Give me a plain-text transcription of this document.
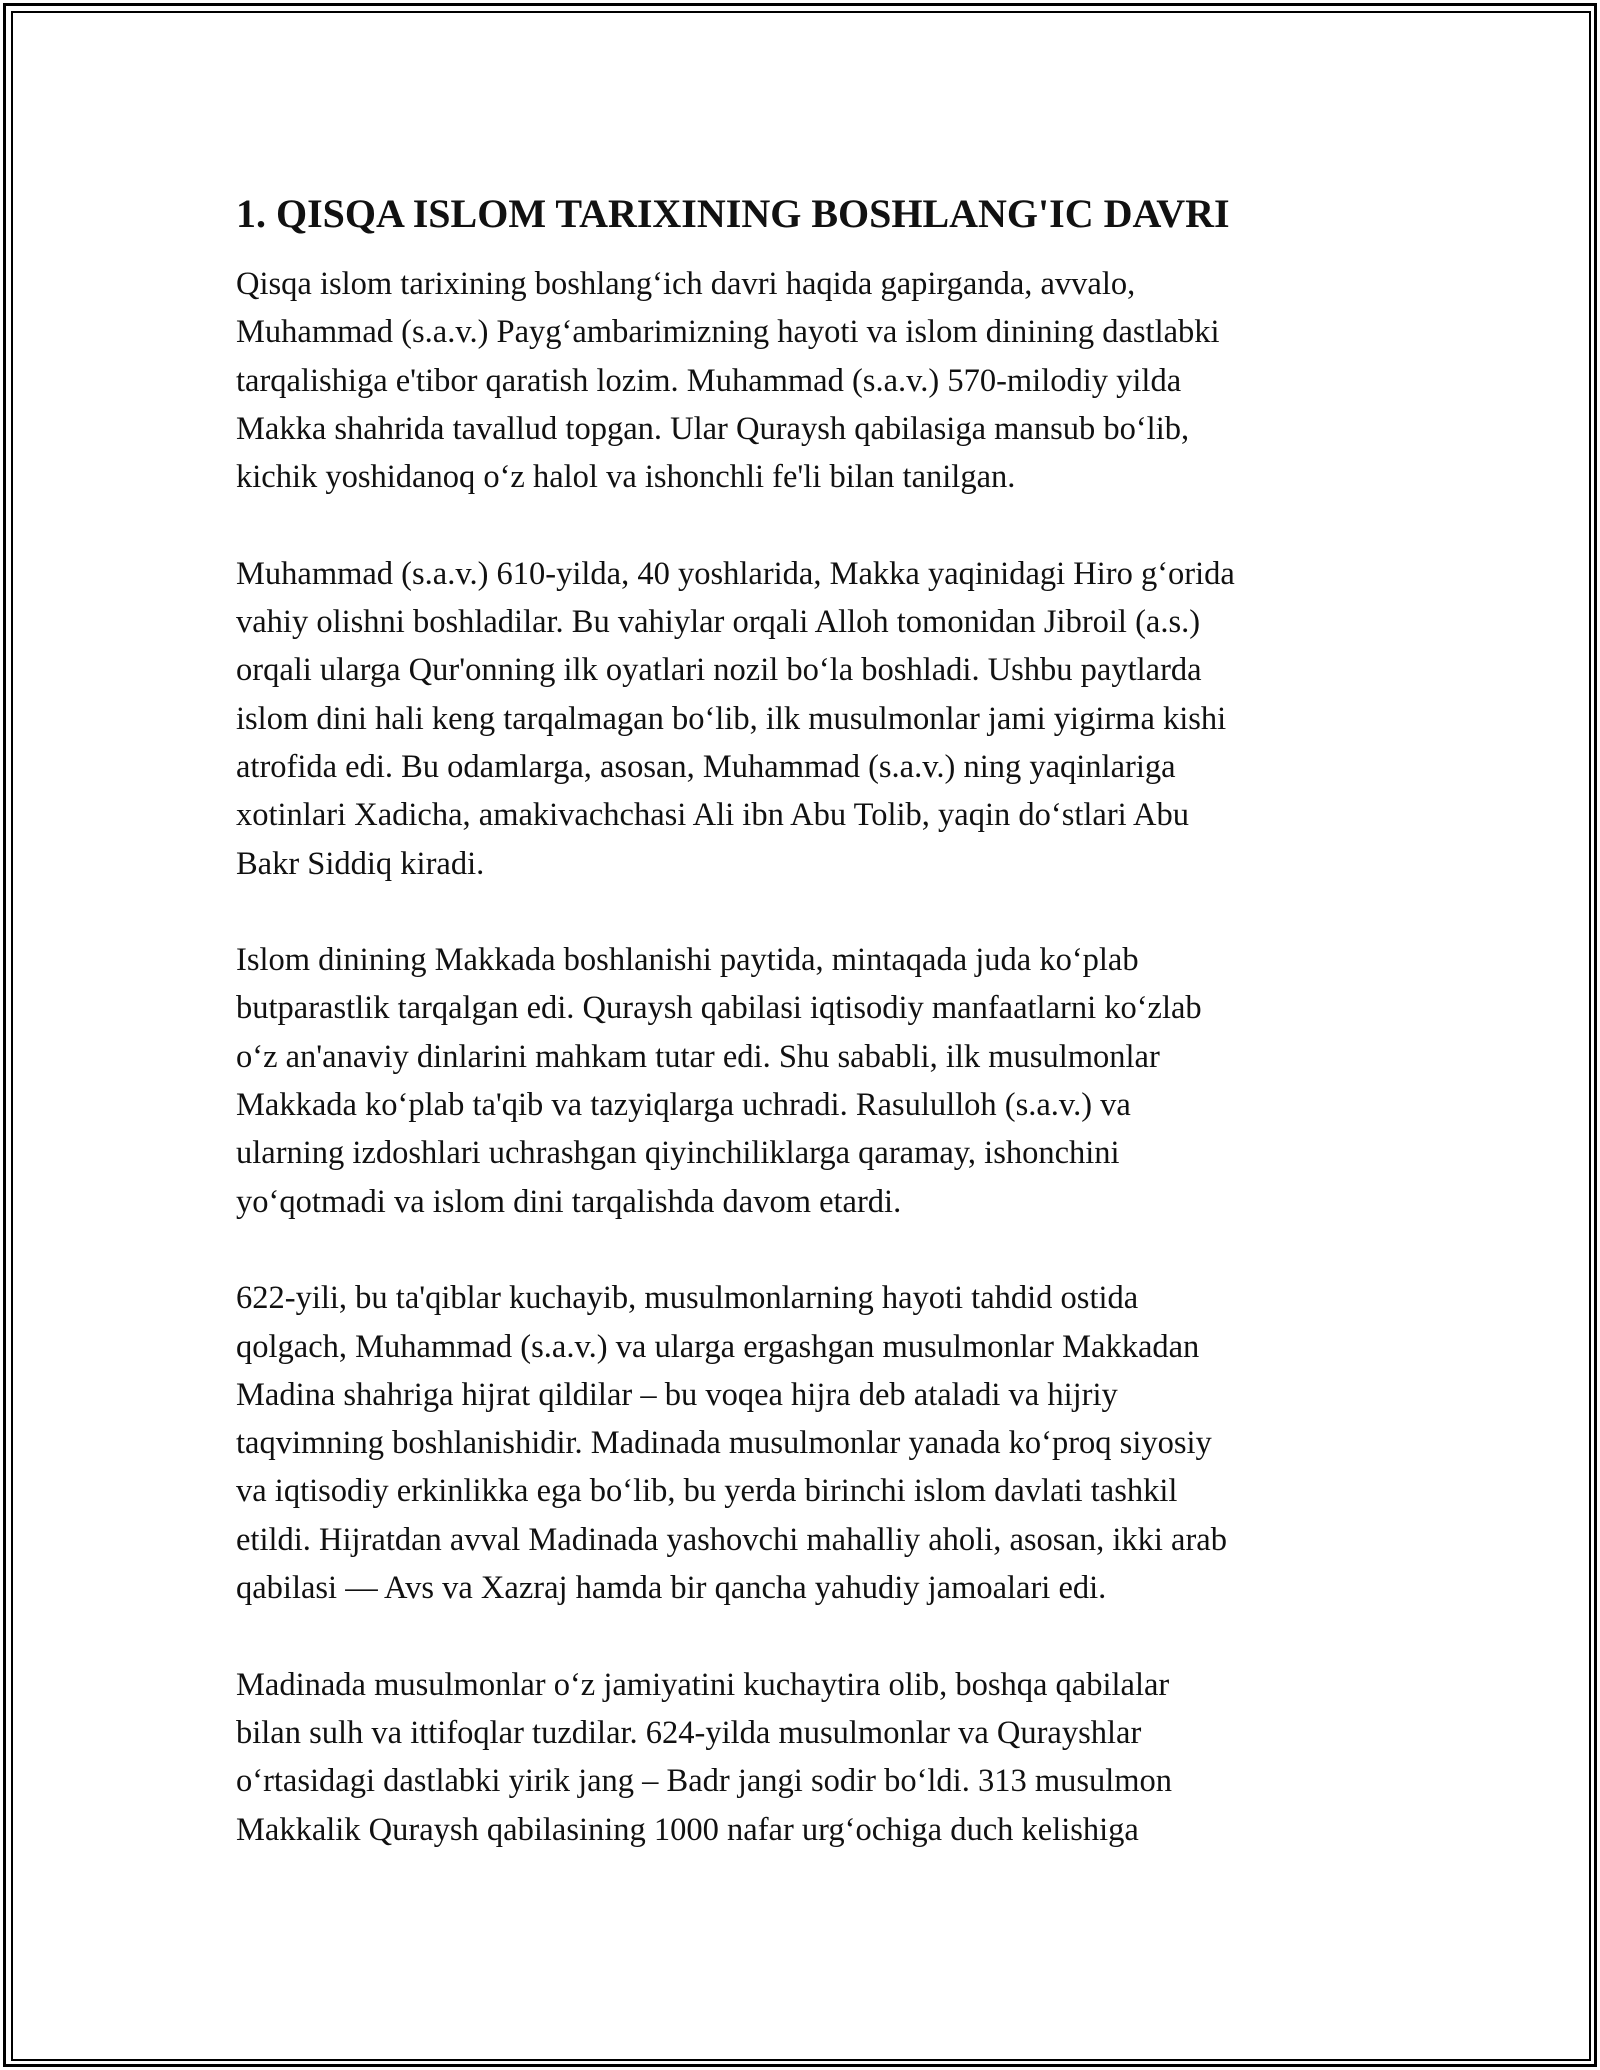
1. QISQA ISLOM TARIXINING BOSHLANG'IC DAVRI
Qisqa islom tarixining boshlang‘ich davri haqida gapirganda, avvalo,
Muhammad (s.a.v.) Payg‘ambarimizning hayoti va islom dinining dastlabki
tarqalishiga e'tibor qaratish lozim. Muhammad (s.a.v.) 570-milodiy yilda
Makka shahrida tavallud topgan. Ular Quraysh qabilasiga mansub bo‘lib,
kichik yoshidanoq o‘z halol va ishonchli fe'li bilan tanilgan.
Muhammad (s.a.v.) 610-yilda, 40 yoshlarida, Makka yaqinidagi Hiro g‘orida
vahiy olishni boshladilar. Bu vahiylar orqali Alloh tomonidan Jibroil (a.s.)
orqali ularga Qur'onning ilk oyatlari nozil bo‘la boshladi. Ushbu paytlarda
islom dini hali keng tarqalmagan bo‘lib, ilk musulmonlar jami yigirma kishi
atrofida edi. Bu odamlarga, asosan, Muhammad (s.a.v.) ning yaqinlariga
xotinlari Xadicha, amakivachchasi Ali ibn Abu Tolib, yaqin do‘stlari Abu
Bakr Siddiq kiradi.
Islom dinining Makkada boshlanishi paytida, mintaqada juda ko‘plab
butparastlik tarqalgan edi. Quraysh qabilasi iqtisodiy manfaatlarni ko‘zlab
o‘z an'anaviy dinlarini mahkam tutar edi. Shu sababli, ilk musulmonlar
Makkada ko‘plab ta'qib va tazyiqlarga uchradi. Rasululloh (s.a.v.) va
ularning izdoshlari uchrashgan qiyinchiliklarga qaramay, ishonchini
yo‘qotmadi va islom dini tarqalishda davom etardi.
622-yili, bu ta'qiblar kuchayib, musulmonlarning hayoti tahdid ostida
qolgach, Muhammad (s.a.v.) va ularga ergashgan musulmonlar Makkadan
Madina shahriga hijrat qildilar – bu voqea hijra deb ataladi va hijriy
taqvimning boshlanishidir. Madinada musulmonlar yanada ko‘proq siyosiy
va iqtisodiy erkinlikka ega bo‘lib, bu yerda birinchi islom davlati tashkil
etildi. Hijratdan avval Madinada yashovchi mahalliy aholi, asosan, ikki arab
qabilasi — Avs va Xazraj hamda bir qancha yahudiy jamoalari edi.
Madinada musulmonlar o‘z jamiyatini kuchaytira olib, boshqa qabilalar
bilan sulh va ittifoqlar tuzdilar. 624-yilda musulmonlar va Qurayshlar
o‘rtasidagi dastlabki yirik jang – Badr jangi sodir bo‘ldi. 313 musulmon
Makkalik Quraysh qabilasining 1000 nafar urg‘ochiga duch kelishiga
